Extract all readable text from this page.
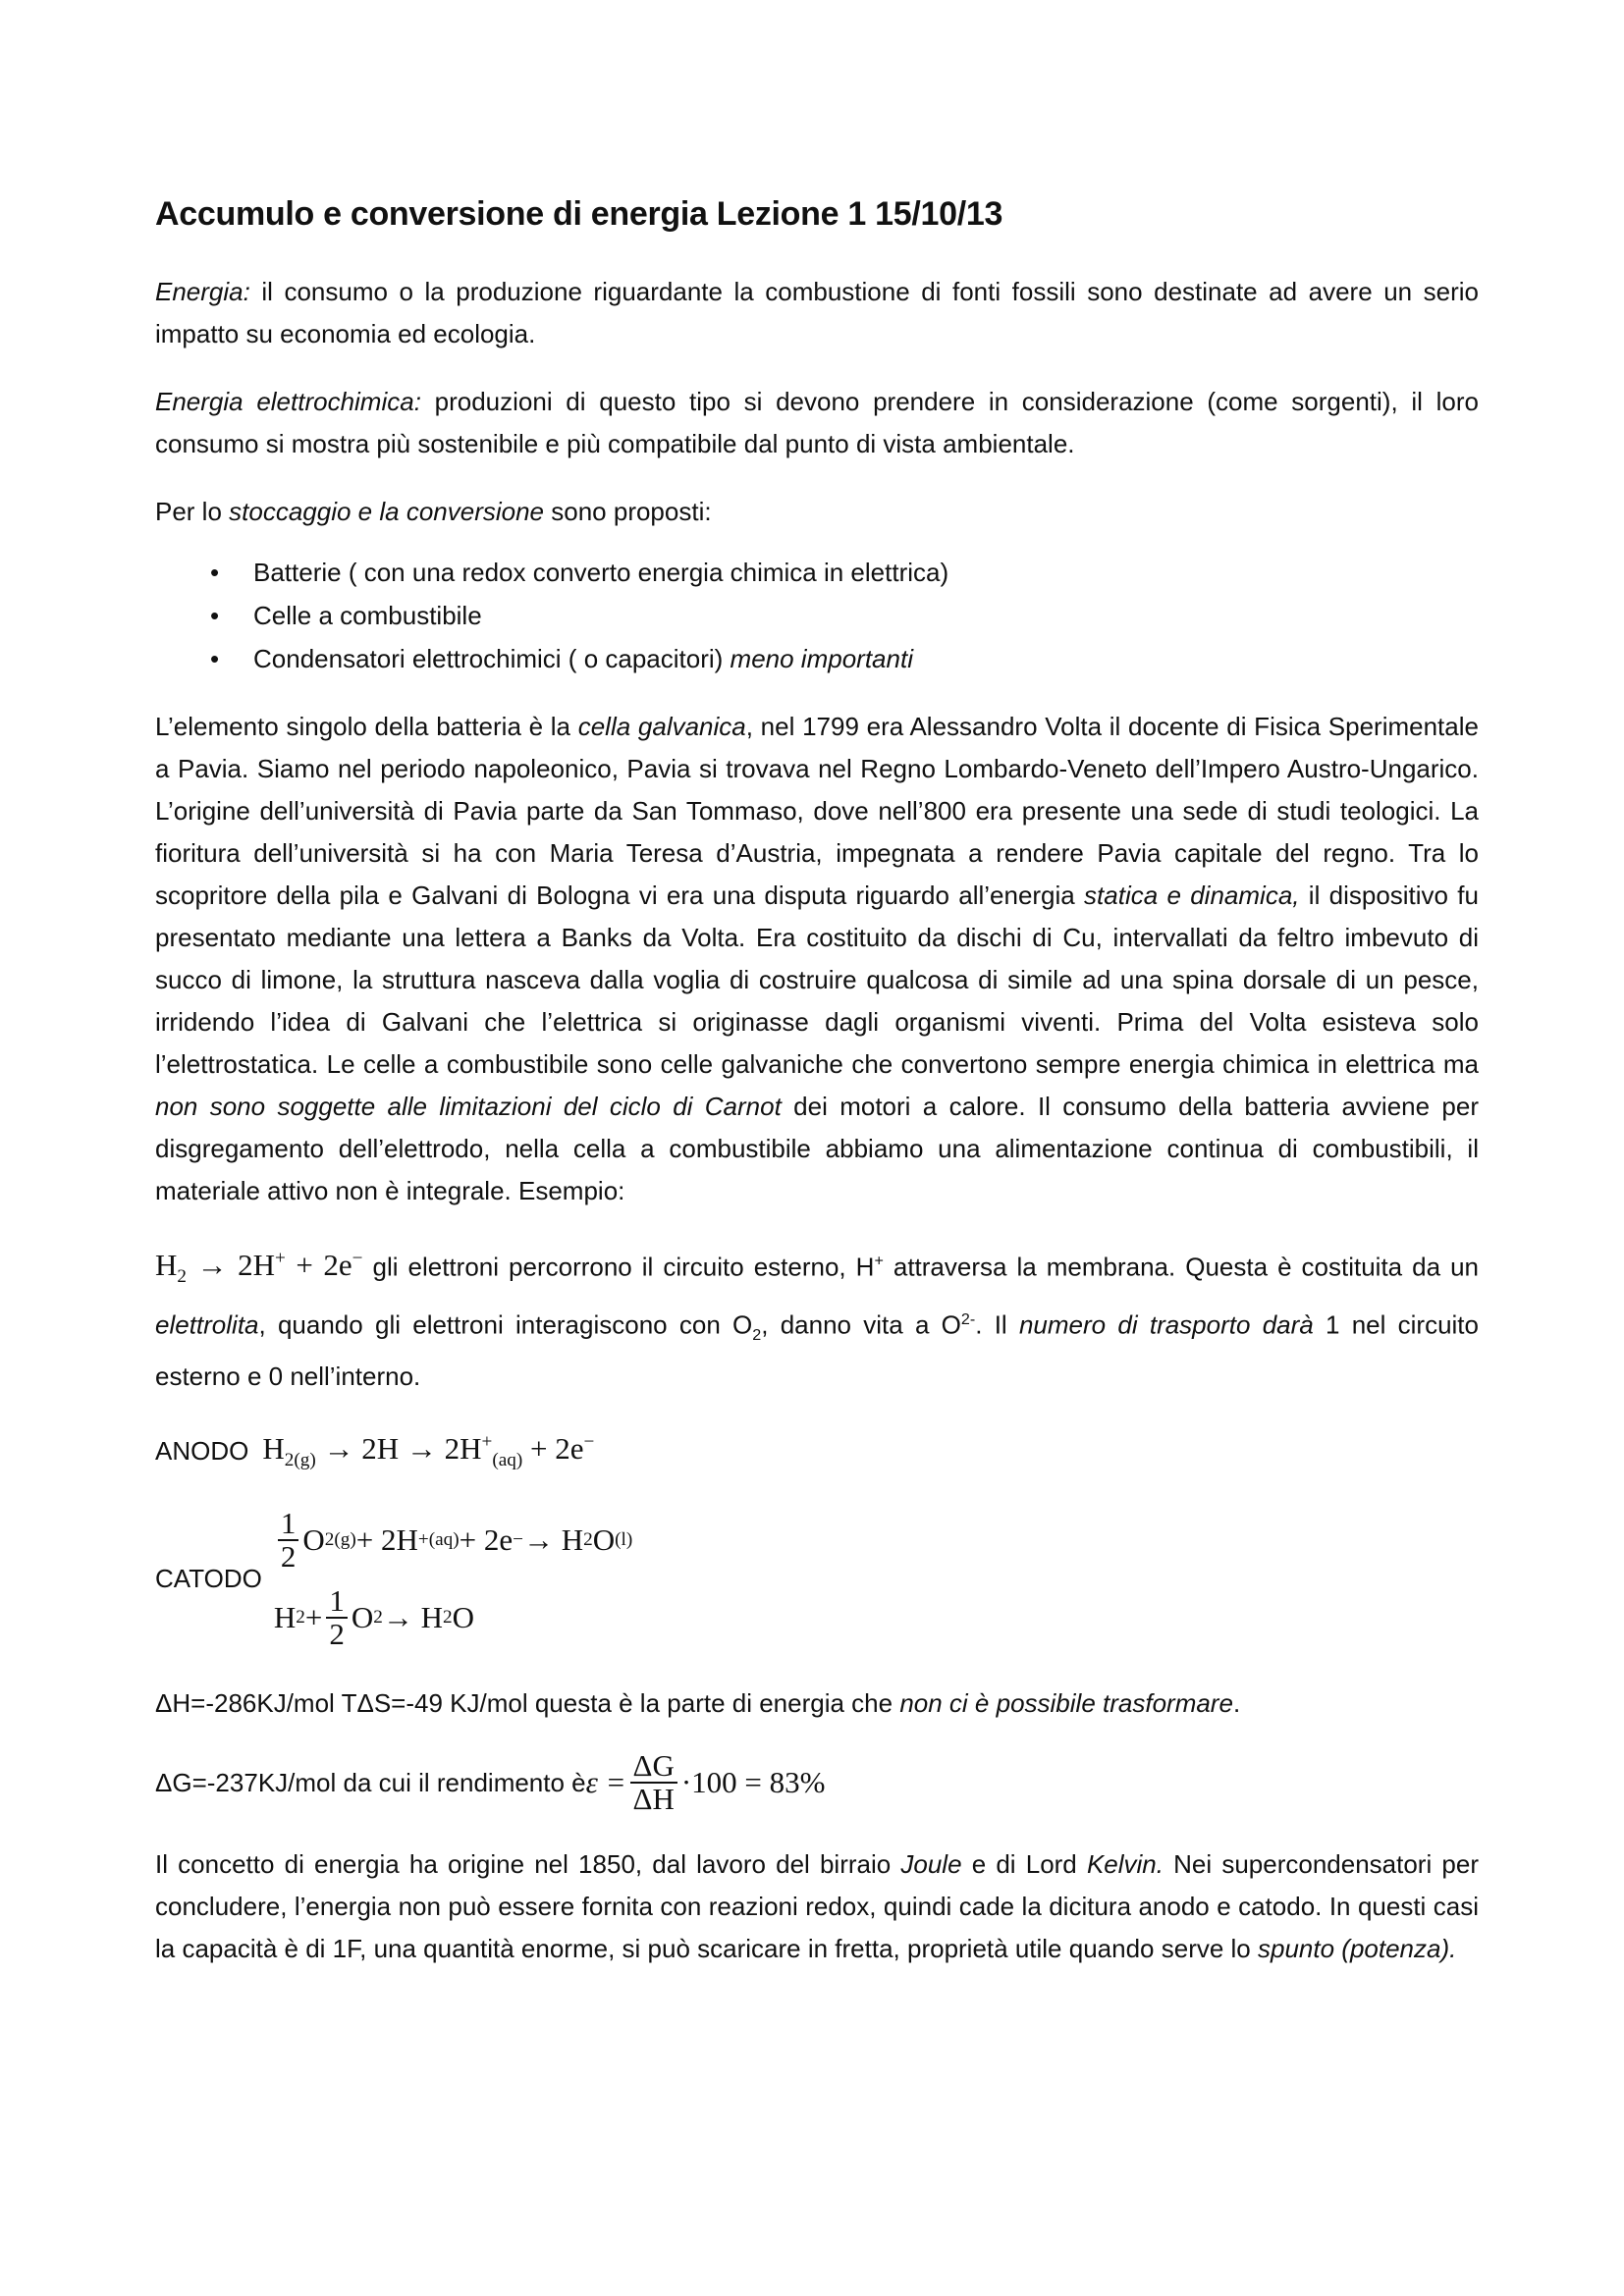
Accumulo e conversione di energia Lezione 1 15/10/13

Energia: il consumo o la produzione riguardante la combustione di fonti fossili sono destinate ad avere un serio impatto su economia ed ecologia.

Energia elettrochimica: produzioni di questo tipo si devono prendere in considerazione (come sorgenti), il loro consumo si mostra più sostenibile e più compatibile dal punto di vista ambientale.

Per lo stoccaggio e la conversione sono proposti:

• Batterie ( con una redox converto energia chimica in elettrica)
• Celle a combustibile
• Condensatori elettrochimici ( o capacitori) meno importanti

L’elemento singolo della batteria è la cella galvanica, nel 1799 era Alessandro Volta il docente di Fisica Sperimentale a Pavia. Siamo nel periodo napoleonico, Pavia si trovava nel Regno Lombardo-Veneto dell’Impero Austro-Ungarico. L’origine dell’università di Pavia parte da San Tommaso, dove nell’800 era presente una sede di studi teologici. La fioritura dell’università si ha con Maria Teresa d’Austria, impegnata a rendere Pavia capitale del regno. Tra lo scopritore della pila e Galvani di Bologna vi era una disputa riguardo all’energia statica e dinamica, il dispositivo fu presentato mediante una lettera a Banks da Volta. Era costituito da dischi di Cu, intervallati da feltro imbevuto di succo di limone, la struttura nasceva dalla voglia di costruire qualcosa di simile ad una spina dorsale di un pesce, irridendo l’idea di Galvani che l’elettrica si originasse dagli organismi viventi. Prima del Volta esisteva solo l’elettrostatica. Le celle a combustibile sono celle galvaniche che convertono sempre energia chimica in elettrica ma non sono soggette alle limitazioni del ciclo di Carnot dei motori a calore. Il consumo della batteria avviene per disgregamento dell’elettrodo, nella cella a combustibile abbiamo una alimentazione continua di combustibili, il materiale attivo non è integrale. Esempio:

$H_2 \to 2H^+ + 2e^-$ gli elettroni percorrono il circuito esterno, H+ attraversa la membrana. Questa è costituita da un elettrolita, quando gli elettroni interagiscono con $O_2$, danno vita a $O^{2-}$. Il numero di trasporto darà 1 nel circuito esterno e 0 nell’interno.

ANODO $H_{2(g)} \to 2H \to 2H^+_{(aq)} + 2e^-$
CATODO
$\frac{1}{2}$ O 2(g) + 2H + (aq) + 2e − → H 2 O (l)
H $2 + \frac{1}{2}$ O 2 → H 2 O

ΔH=-286KJ/mol TΔS=-49 KJ/mol questa è la parte di energia che non ci è possibile trasformare.

ΔG=-237KJ/mol da cui il rendimento è $\varepsilon = \frac{\Delta G}{\Delta H} \cdot 100 = 83\%$

Il concetto di energia ha origine nel 1850, dal lavoro del birraio Joule e di Lord Kelvin. Nei supercondensatori per concludere, l’energia non può essere fornita con reazioni redox, quindi cade la dicitura anodo e catodo. In questi casi la capacità è di 1F, una quantità enorme, si può scaricare in fretta, proprietà utile quando serve lo spunto (potenza).
